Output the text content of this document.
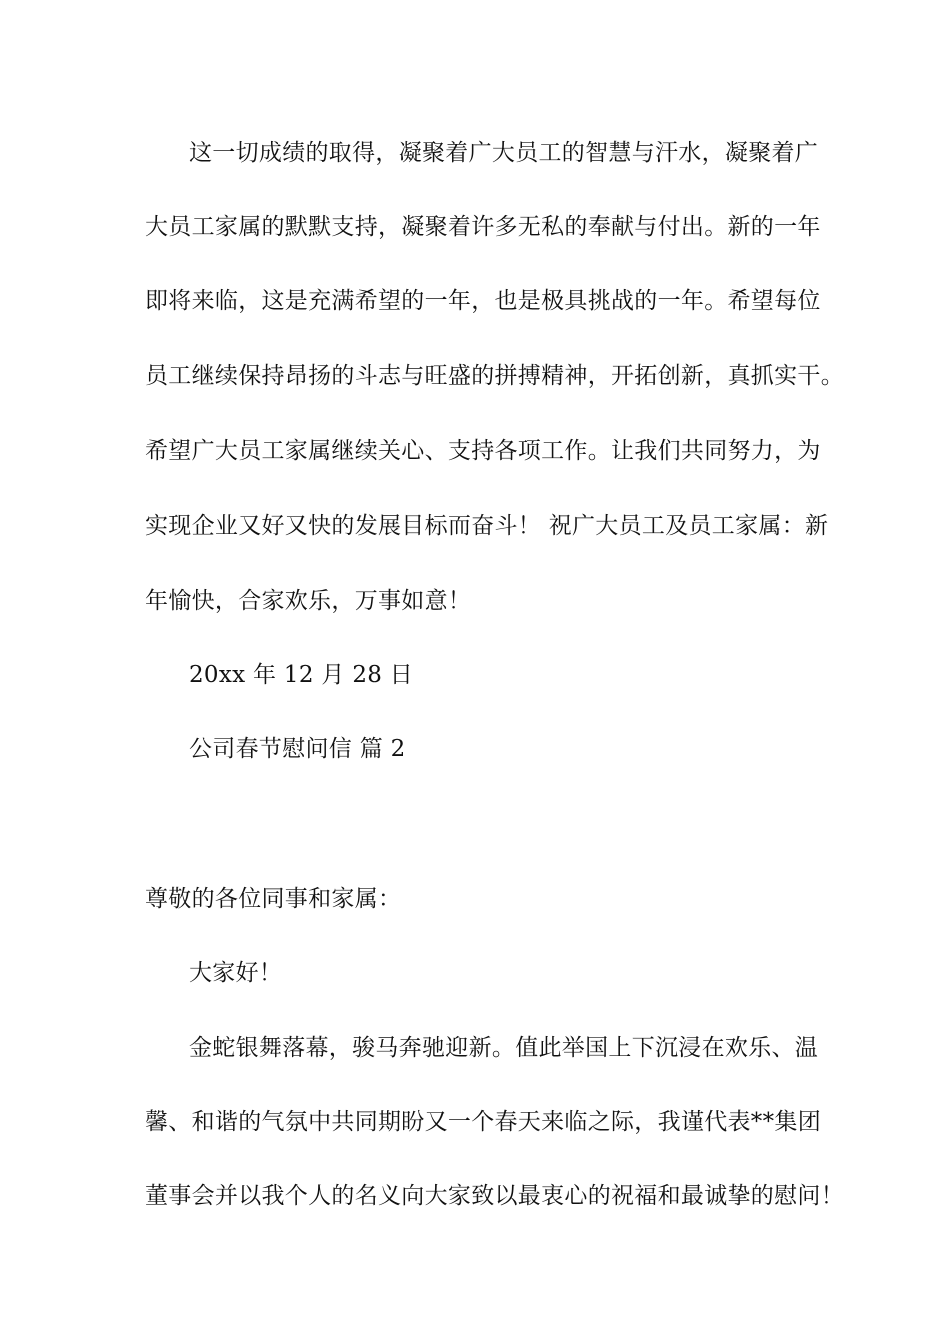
这一切成绩的取得，凝聚着广大员工的智慧与汗水，凝聚着广
大员工家属的默默支持，凝聚着许多无私的奉献与付出。新的一年
即将来临，这是充满希望的一年，也是极具挑战的一年。希望每位
员工继续保持昂扬的斗志与旺盛的拼搏精神，开拓创新，真抓实干。
希望广大员工家属继续关心、支持各项工作。让我们共同努力，为
实现企业又好又快的发展目标而奋斗！ 祝广大员工及员工家属：新
年愉快，合家欢乐，万事如意！
20xx 年 12 月 28 日
公司春节慰问信 篇 2
尊敬的各位同事和家属：
大家好！
金蛇银舞落幕，骏马奔驰迎新。值此举国上下沉浸在欢乐、温
馨、和谐的气氛中共同期盼又一个春天来临之际，我谨代表**集团
董事会并以我个人的名义向大家致以最衷心的祝福和最诚挚的慰问！
